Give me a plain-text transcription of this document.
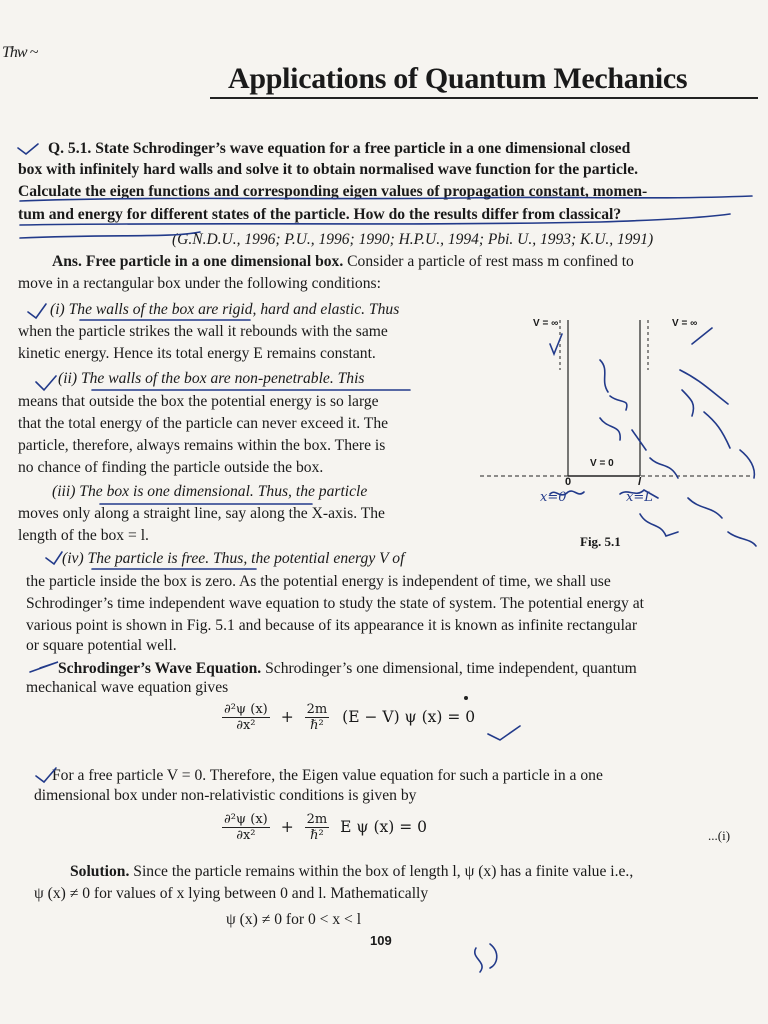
Thw ~
Applications of Quantum Mechanics
Q. 5.1. State Schrodinger’s wave equation for a free particle in a one dimensional closed
box with infinitely hard walls and solve it to obtain normalised wave function for the particle.
Calculate the eigen functions and corresponding eigen values of propagation constant, momen-
tum and energy for different states of the particle. How do the results differ from classical?
(G.N.D.U., 1996; P.U., 1996; 1990; H.P.U., 1994; Pbi. U., 1993; K.U., 1991)
Ans. Free particle in a one dimensional box. Consider a particle of rest mass m confined to
move in a rectangular box under the following conditions:
(i) The walls of the box are rigid, hard and elastic. Thus
when the particle strikes the wall it rebounds with the same
kinetic energy. Hence its total energy E remains constant.
(ii) The walls of the box are non-penetrable. This
means that outside the box the potential energy is so large
that the total energy of the particle can never exceed it. The
particle, therefore, always remains within the box. There is
no chance of finding the particle outside the box.
(iii) The box is one dimensional. Thus, the particle
moves only along a straight line, say along the X-axis. The
length of the box = l.
(iv) The particle is free. Thus, the potential energy V of
the particle inside the box is zero. As the potential energy is independent of time, we shall use
Schrodinger’s time independent wave equation to study the state of system. The potential energy at
various point is shown in Fig. 5.1 and because of its appearance it is known as infinite rectangular
or square potential well.
Schrodinger’s Wave Equation. Schrodinger’s one dimensional, time independent, quantum
mechanical wave equation gives
$\frac{\text{∂²ψ (x)}}{\text{∂x²}} + \frac{2m}{\text{ℏ²}} (E - V)$ ψ (x) = 0
For a free particle V = 0. Therefore, the Eigen value equation for such a particle in a one
dimensional box under non-relativistic conditions is given by
$\frac{\text{∂²ψ (x)}}{\text{∂x²}} + \frac{2m}{\text{ℏ²}}$ E ψ (x) = 0	...(i)
Solution. Since the particle remains within the box of length l, ψ (x) has a finite value i.e.,
ψ (x) ≠ 0 for values of x lying between 0 and l. Mathematically
ψ (x) ≠ 0 for 0 < x < l
109
V = ∞	V = ∞
V = 0
0	l
x=0	x=L
Fig. 5.1
